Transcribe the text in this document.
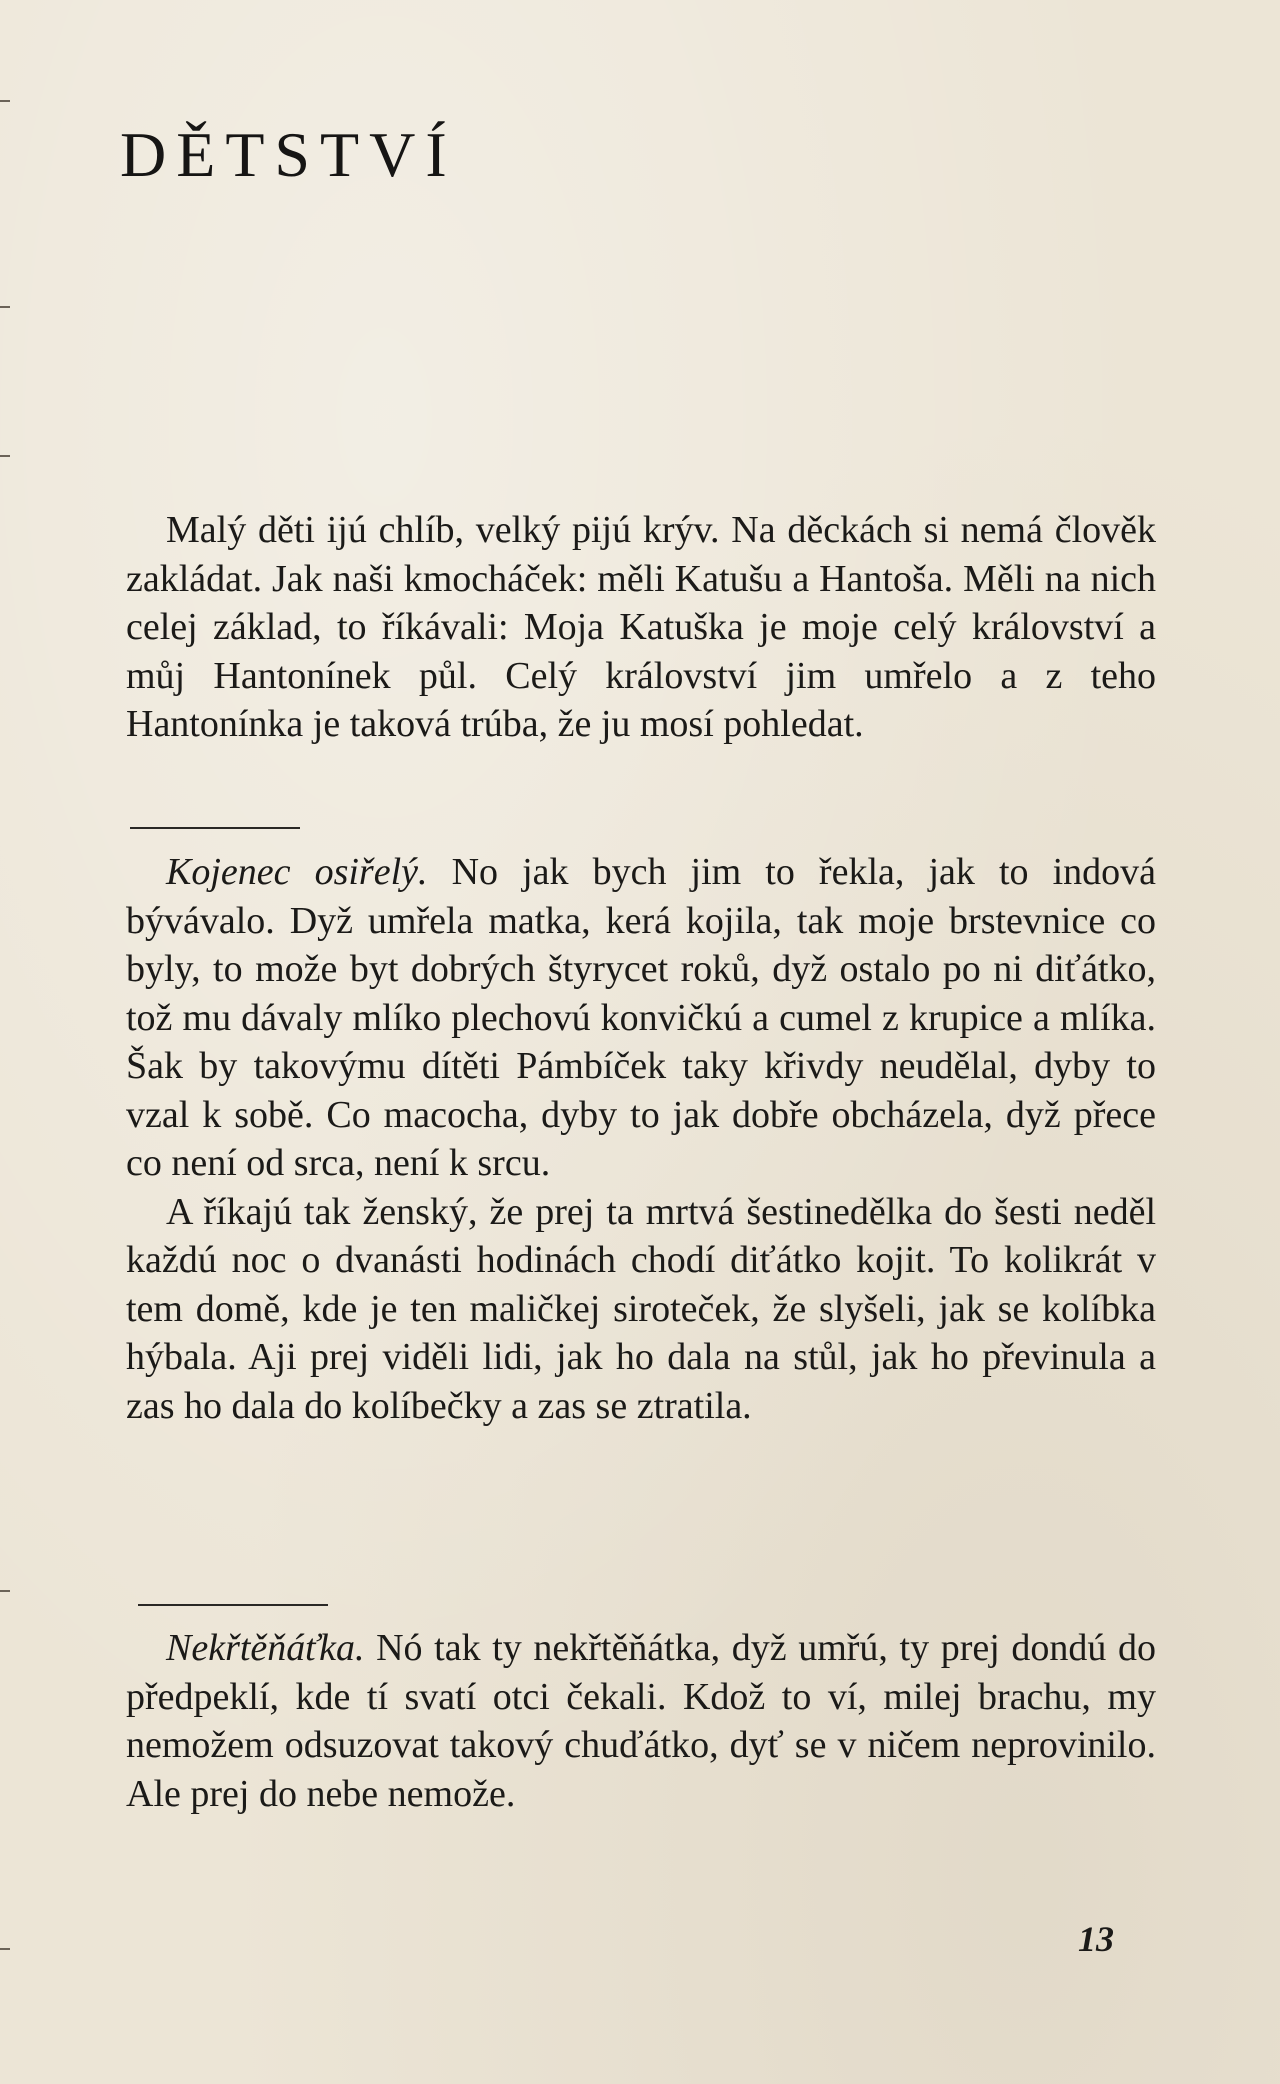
DĚTSTVÍ

Malý děti ijú chlíb, velký pijú krýv. Na děckách si nemá člověk zakládat. Jak naši kmocháček: měli Katušu a Hantoša. Měli na nich celej základ, to říkávali: Moja Katuška je moje celý království a můj Hantonínek půl. Celý království jim umřelo a z teho Hantonínka je taková trúba, že ju mosí pohledat.

Kojenec osiřelý. No jak bych jim to řekla, jak to indová bývávalo. Dyž umřela matka, kerá kojila, tak moje brstevnice co byly, to može byt dobrých štyrycet roků, dyž ostalo po ni diťátko, tož mu dávaly mlíko plechovú konvičkú a cumel z krupice a mlíka. Šak by takovýmu dítěti Pámbíček taky křivdy neudělal, dyby to vzal k sobě. Co macocha, dyby to jak dobře obcházela, dyž přece co není od srca, není k srcu.

A říkajú tak ženský, že prej ta mrtvá šestinedělka do šesti neděl každú noc o dvanásti hodinách chodí diťátko kojit. To kolikrát v tem domě, kde je ten maličkej siroteček, že slyšeli, jak se kolíbka hýbala. Aji prej viděli lidi, jak ho dala na stůl, jak ho převinula a zas ho dala do kolíbečky a zas se ztratila.

Nekřtěňáťka. Nó tak ty nekřtěňátka, dyž umřú, ty prej dondú do předpeklí, kde tí svatí otci čekali. Kdož to ví, milej brachu, my nemožem odsuzovat takový chuďátko, dyť se v ničem neprovinilo. Ale prej do nebe nemože.

13
